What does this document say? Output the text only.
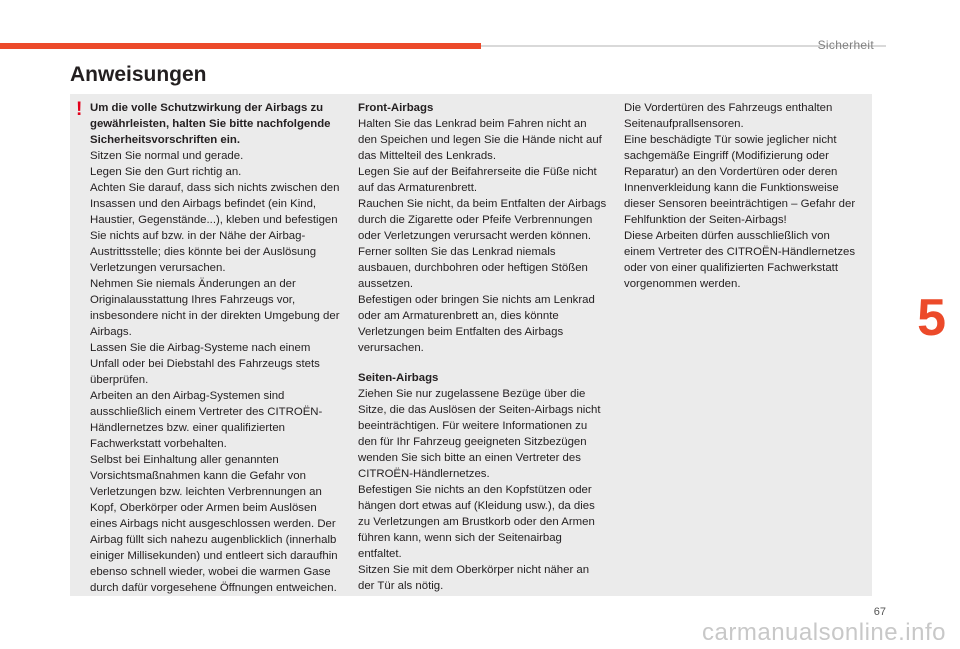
Sicherheit
Anweisungen
! Um die volle Schutzwirkung der Airbags zu gewährleisten, halten Sie bitte nachfolgende Sicherheitsvorschriften ein.

Sitzen Sie normal und gerade.

Legen Sie den Gurt richtig an.

Achten Sie darauf, dass sich nichts zwischen den Insassen und den Airbags befindet (ein Kind, Haustier, Gegenstände...), kleben und befestigen Sie nichts auf bzw. in der Nähe der Airbag-Austrittsstelle; dies könnte bei der Auslösung Verletzungen verursachen.

Nehmen Sie niemals Änderungen an der Originalausstattung Ihres Fahrzeugs vor, insbesondere nicht in der direkten Umgebung der Airbags.

Lassen Sie die Airbag-Systeme nach einem Unfall oder bei Diebstahl des Fahrzeugs stets überprüfen.

Arbeiten an den Airbag-Systemen sind ausschließlich einem Vertreter des CITROËN-Händlernetzes bzw. einer qualifizierten Fachwerkstatt vorbehalten.

Selbst bei Einhaltung aller genannten Vorsichtsmaßnahmen kann die Gefahr von Verletzungen bzw. leichten Verbrennungen an Kopf, Oberkörper oder Armen beim Auslösen eines Airbags nicht ausgeschlossen werden. Der Airbag füllt sich nahezu augenblicklich (innerhalb einiger Millisekunden) und entleert sich daraufhin ebenso schnell wieder, wobei die warmen Gase durch dafür vorgesehene Öffnungen entweichen.

Front-Airbags

Halten Sie das Lenkrad beim Fahren nicht an den Speichen und legen Sie die Hände nicht auf das Mittelteil des Lenkrads.

Legen Sie auf der Beifahrerseite die Füße nicht auf das Armaturenbrett.

Rauchen Sie nicht, da beim Entfalten der Airbags durch die Zigarette oder Pfeife Verbrennungen oder Verletzungen verursacht werden können.

Ferner sollten Sie das Lenkrad niemals ausbauen, durchbohren oder heftigen Stößen aussetzen.

Befestigen oder bringen Sie nichts am Lenkrad oder am Armaturenbrett an, dies könnte Verletzungen beim Entfalten des Airbags verursachen.

Seiten-Airbags

Ziehen Sie nur zugelassene Bezüge über die Sitze, die das Auslösen der Seiten-Airbags nicht beeinträchtigen. Für weitere Informationen zu den für Ihr Fahrzeug geeigneten Sitzbezügen wenden Sie sich bitte an einen Vertreter des CITROËN-Händlernetzes.

Befestigen Sie nichts an den Kopfstützen oder hängen dort etwas auf (Kleidung usw.), da dies zu Verletzungen am Brustkorb oder den Armen führen kann, wenn sich der Seitenairbag entfaltet.

Sitzen Sie mit dem Oberkörper nicht näher an der Tür als nötig.

Die Vordertüren des Fahrzeugs enthalten Seitenaufprallsensoren.

Eine beschädigte Tür sowie jeglicher nicht sachgemäße Eingriff (Modifizierung oder Reparatur) an den Vordertüren oder deren Innenverkleidung kann die Funktionsweise dieser Sensoren beeinträchtigen – Gefahr der Fehlfunktion der Seiten-Airbags!

Diese Arbeiten dürfen ausschließlich von einem Vertreter des CITROËN-Händlernetzes oder von einer qualifizierten Fachwerkstatt vorgenommen werden.

5
67
carmanualsonline.info
